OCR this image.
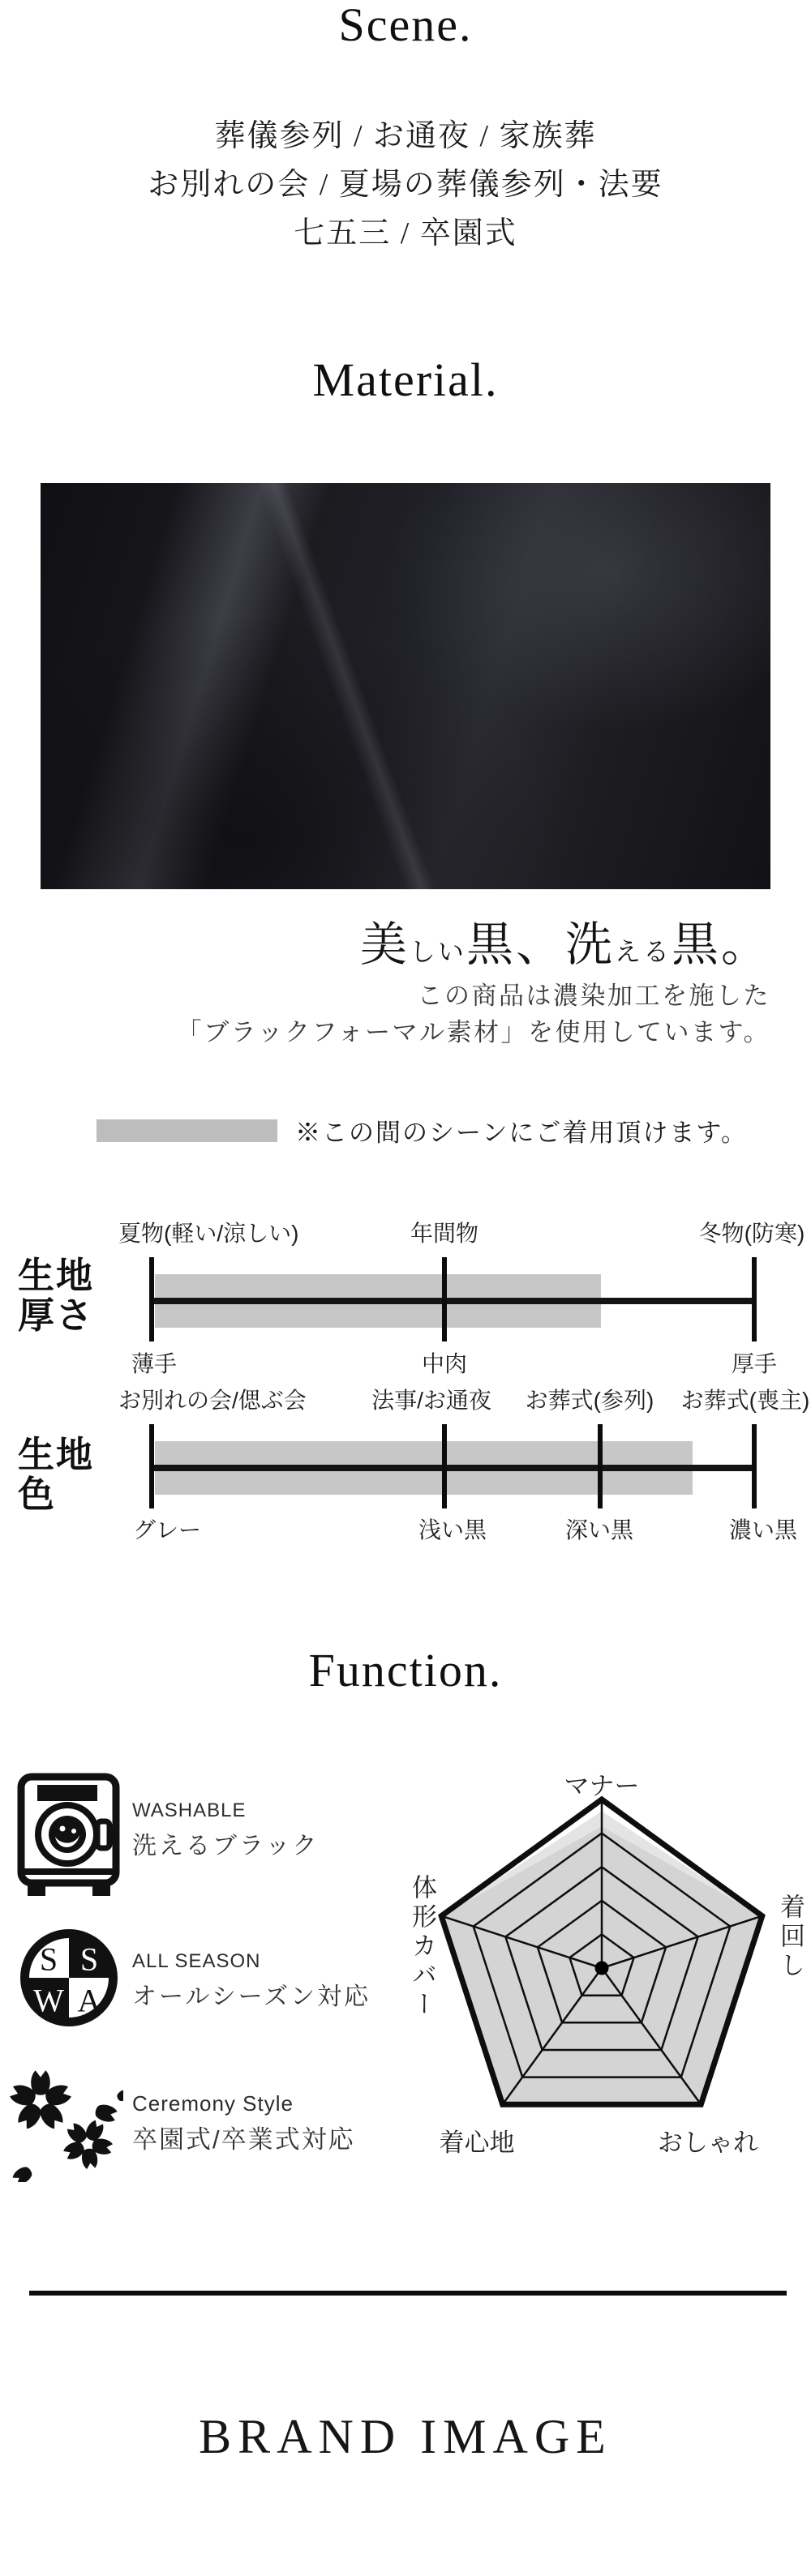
Scene.
葬儀参列 / お通夜 / 家族葬
お別れの会 / 夏場の葬儀参列・法要
七五三 / 卒園式
Material.
美しい黒、洗える黒。
この商品は濃染加工を施した
「ブラックフォーマル素材」を使用しています。
※この間のシーンにご着用頂けます。
生地
厚さ
夏物(軽い/涼しい)	年間物	冬物(防寒)
薄手	中肉	厚手
生地
色
お別れの会/偲ぶ会	法事/お通夜 お葬式(参列) お葬式(喪主)
グレー	浅い黒	深い黒	濃い黒
Function.
WASHABLE
洗えるブラック
S S
W A
ALL SEASON
オールシーズン対応
Ceremony Style
卒園式/卒業式対応
マナー
着回し
おしゃれ
着心地
体形カバー
BRAND IMAGE
